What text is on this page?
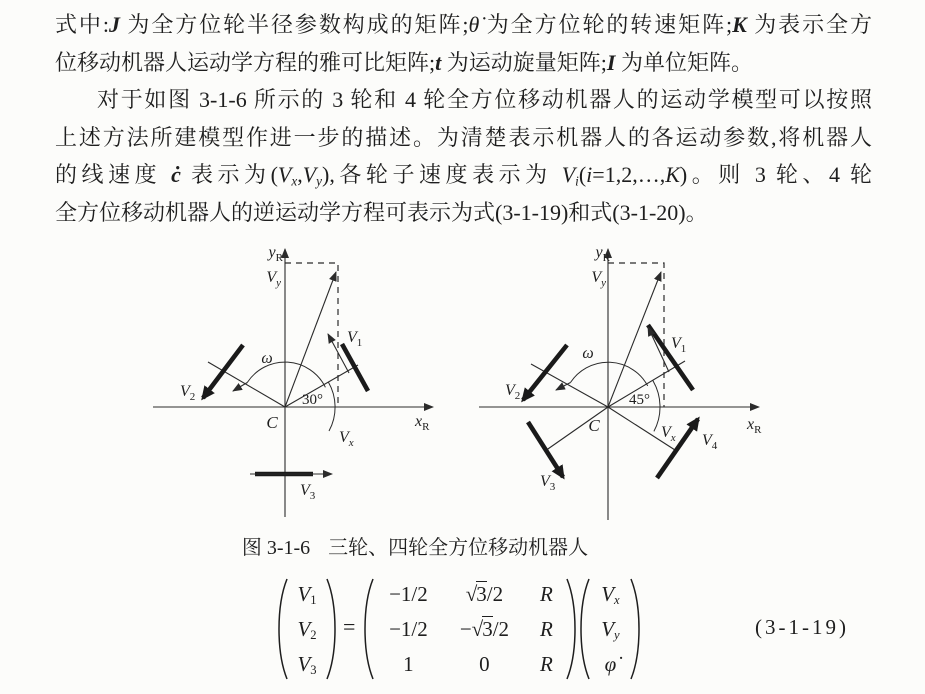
式中:J 为全方位轮半径参数构成的矩阵;θ̇ 为全方位轮的转速矩阵;K 为表示全方
位移动机器人运动学方程的雅可比矩阵;t 为运动旋量矩阵;I 为单位矩阵。
对于如图 3-1-6 所示的 3 轮和 4 轮全方位移动机器人的运动学模型可以按照
上述方法所建模型作进一步的描述。为清楚表示机器人的各运动参数,将机器人
的线速度 ċ 表示为(Vx,Vy),各轮子速度表示为 Vi(i=1,2,…,K)。则 3 轮、4 轮
全方位移动机器人的逆运动学方程可表示为式(3-1-19)和式(3-1-20)。
$y_R$
$V_y$
ω
30°
$V_x$
C
$V_1$
$V_2$
$V_3$
$x_R$
$y_R$
$V_y$
ω
45°
$V_x$
C
$V_1$
$V_2$
$V_3$
$V_4$
$x_R$
图 3-1-6 三轮、四轮全方位移动机器人
V1
V2
V3
=
−1/2	√3/2	R
−1/2	−√3/2	R
1	0	R
Vx
Vy
φ̇
(3-1-19)
